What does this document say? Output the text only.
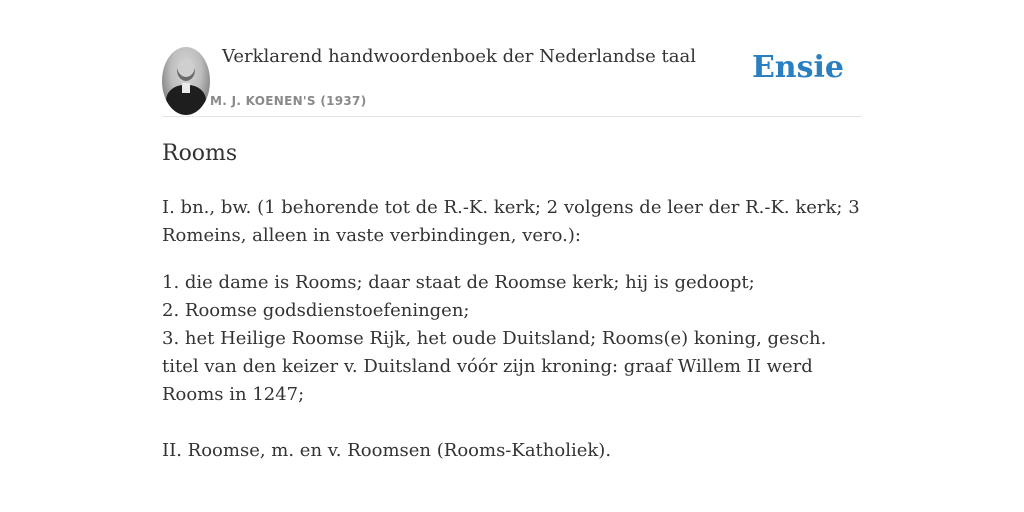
Verklarend handwoordenboek der Nederlandse taal
M. J. KOENEN'S (1937)
Ensie
Rooms

I. bn., bw. (1 behorende tot de R.-K. kerk; 2 volgens de leer der R.-K. kerk; 3 Romeins, alleen in vaste verbindingen, vero.):

1. die dame is Rooms; daar staat de Roomse kerk; hij is gedoopt;
2. Roomse godsdienstoefeningen;
3. het Heilige Roomse Rijk, het oude Duitsland; Rooms(e) koning, gesch. titel van den keizer v. Duitsland vóór zijn kroning: graaf Willem II werd Rooms in 1247;

II. Roomse, m. en v. Roomsen (Rooms-Katholiek).
